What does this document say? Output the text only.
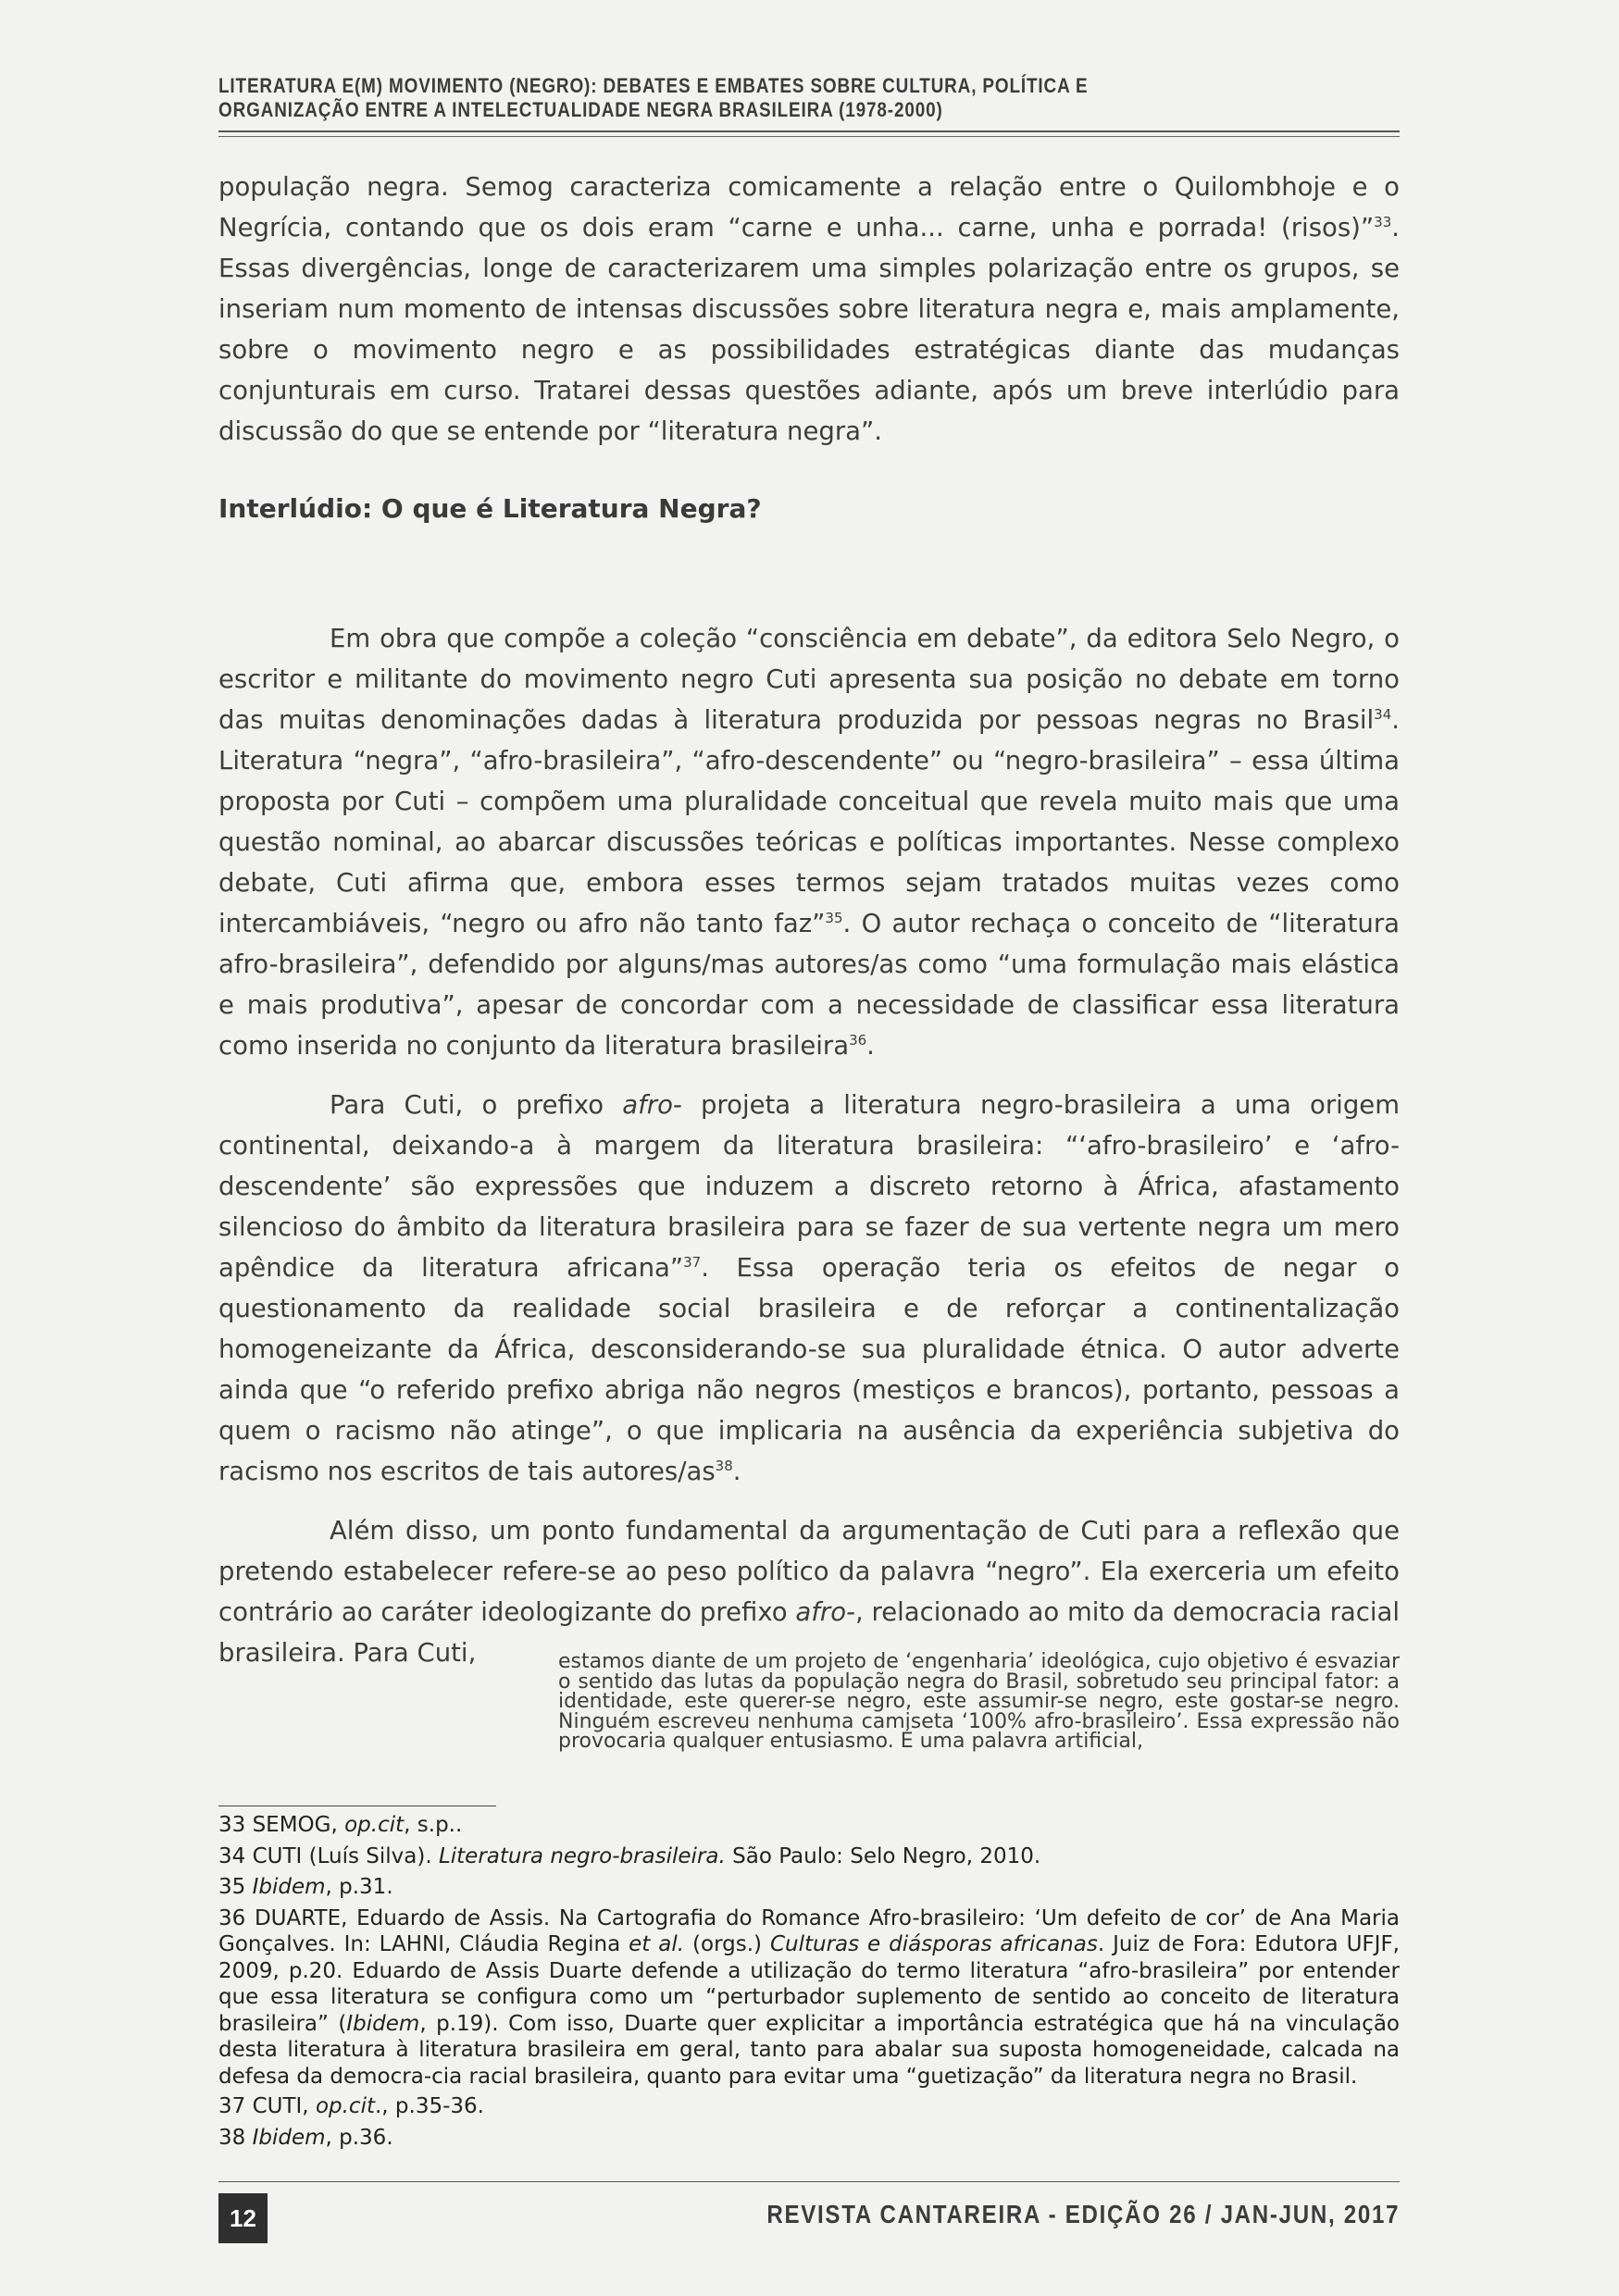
LITERATURA E(M) MOVIMENTO (NEGRO): DEBATES E EMBATES SOBRE CULTURA, POLÍTICA E
ORGANIZAÇÃO ENTRE A INTELECTUALIDADE NEGRA BRASILEIRA (1978-2000)

população negra. Semog caracteriza comicamente a relação entre o Quilombhoje e o Negrícia, contando que os dois eram “carne e unha... carne, unha e porrada! (risos)”$^{33}$. Essas divergências, longe de caracterizarem uma simples polarização entre os grupos, se inseriam num momento de intensas discussões sobre literatura negra e, mais amplamente, sobre o movimento negro e as possibilidades estratégicas diante das mudanças conjunturais em curso. Tratarei dessas questões adiante, após um breve interlúdio para discussão do que se entende por “literatura negra”.

Interlúdio: O que é Literatura Negra?

Em obra que compõe a coleção “consciência em debate”, da editora Selo Negro, o escritor e militante do movimento negro Cuti apresenta sua posição no debate em torno das muitas denominações dadas à literatura produzida por pessoas negras no Brasil$^{34}$. Literatura “negra”, “afro-brasileira”, “afro-descendente” ou “negro-brasileira” – essa última proposta por Cuti – compõem uma pluralidade conceitual que revela muito mais que uma questão nominal, ao abarcar discussões teóricas e políticas importantes. Nesse complexo debate, Cuti afirma que, embora esses termos sejam tratados muitas vezes como intercambiáveis, “negro ou afro não tanto faz”$^{35}$. O autor rechaça o conceito de “literatura afro-brasileira”, defendido por alguns/mas autores/as como “uma formulação mais elástica e mais produtiva”, apesar de concordar com a necessidade de classificar essa literatura como inserida no conjunto da literatura brasileira$^{36}$.

Para Cuti, o prefixo afro- projeta a literatura negro-brasileira a uma origem continental, deixando-a à margem da literatura brasileira: “‘afro-brasileiro’ e ‘afro-descendente’ são expressões que induzem a discreto retorno à África, afastamento silencioso do âmbito da literatura brasileira para se fazer de sua vertente negra um mero apêndice da literatura africana”$^{37}$. Essa operação teria os efeitos de negar o questionamento da realidade social brasileira e de reforçar a continentalização homogeneizante da África, desconsiderando-se sua pluralidade étnica. O autor adverte ainda que “o referido prefixo abriga não negros (mestiços e brancos), portanto, pessoas a quem o racismo não atinge”, o que implicaria na ausência da experiência subjetiva do racismo nos escritos de tais autores/$as^{38}$.

Além disso, um ponto fundamental da argumentação de Cuti para a reflexão que pretendo estabelecer refere-se ao peso político da palavra “negro”. Ela exerceria um efeito contrário ao caráter ideologizante do prefixo afro-, relacionado ao mito da democracia racial brasileira. Para Cuti,	estamos diante de um projeto de ‘engenharia’ ideológica, cujo objetivo é esvaziar o sentido das lutas da população negra do Brasil, sobretudo seu principal fator: a identidade, este querer-se negro, este assumir-se negro, este gostar-se negro. Ninguém escreveu nenhuma camiseta ‘100% afro-brasileiro’. Essa expressão não provocaria qualquer entusiasmo. É uma palavra artificial,

33 SEMOG, op.cit, s.p..

34 CUTI (Luís Silva). Literatura negro-brasileira. São Paulo: Selo Negro, 2010.

35 Ibidem, p.31.

36 DUARTE, Eduardo de Assis. Na Cartografia do Romance Afro-brasileiro: ‘Um defeito de cor’ de Ana Maria Gonçalves. In: LAHNI, Cláudia Regina et al. (orgs.) Culturas e diásporas africanas. Juiz de Fora: Edutora UFJF, 2009, p.20. Eduardo de Assis Duarte defende a utilização do termo literatura “afro-brasileira” por entender que essa literatura se configura como um “perturbador suplemento de sentido ao conceito de literatura brasileira” (Ibidem, p.19). Com isso, Duarte quer explicitar a importância estratégica que há na vinculação desta literatura à literatura brasileira em geral, tanto para abalar sua suposta homogeneidade, calcada na defesa da democra-cia racial brasileira, quanto para evitar uma “guetização” da literatura negra no Brasil.

37 CUTI, op.cit., p.35-36.

38 Ibidem, p.36.

12	REVISTA CANTAREIRA - EDIÇÃO 26 / JAN-JUN, 2017
